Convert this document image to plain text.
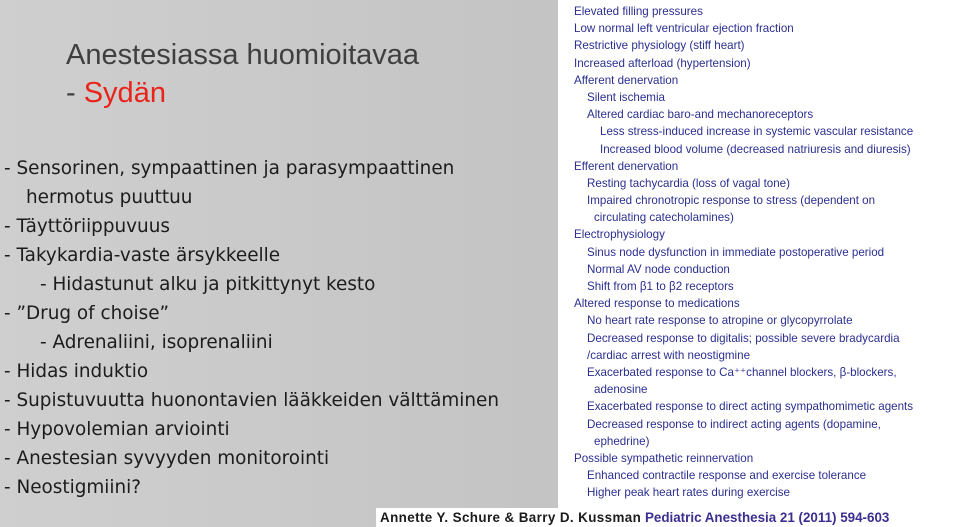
Anestesiassa huomioitavaa
- Sydän
- Sensorinen, sympaattinen ja parasympaattinen
hermotus puuttuu
- Täyttöriippuvuus
- Takykardia-vaste ärsykkeelle
- Hidastunut alku ja pitkittynyt kesto
- ”Drug of choise”
- Adrenaliini, isoprenaliini
- Hidas induktio
- Supistuvuutta huonontavien lääkkeiden välttäminen
- Hypovolemian arviointi
- Anestesian syvyyden monitorointi
- Neostigmiini?
Elevated filling pressures
Low normal left ventricular ejection fraction
Restrictive physiology (stiff heart)
Increased afterload (hypertension)
Afferent denervation
Silent ischemia
Altered cardiac baro-and mechanoreceptors
Less stress-induced increase in systemic vascular resistance
Increased blood volume (decreased natriuresis and diuresis)
Efferent denervation
Resting tachycardia (loss of vagal tone)
Impaired chronotropic response to stress (dependent on
circulating catecholamines)
Electrophysiology
Sinus node dysfunction in immediate postoperative period
Normal AV node conduction
Shift from β1 to β2 receptors
Altered response to medications
No heart rate response to atropine or glycopyrrolate
Decreased response to digitalis; possible severe bradycardia
/cardiac arrest with neostigmine
Exacerbated response to Ca⁺⁺channel blockers, β-blockers,
adenosine
Exacerbated response to direct acting sympathomimetic agents
Decreased response to indirect acting agents (dopamine,
ephedrine)
Possible sympathetic reinnervation
Enhanced contractile response and exercise tolerance
Higher peak heart rates during exercise
Annette Y. Schure & Barry D. Kussman Pediatric Anesthesia 21 (2011) 594-603
